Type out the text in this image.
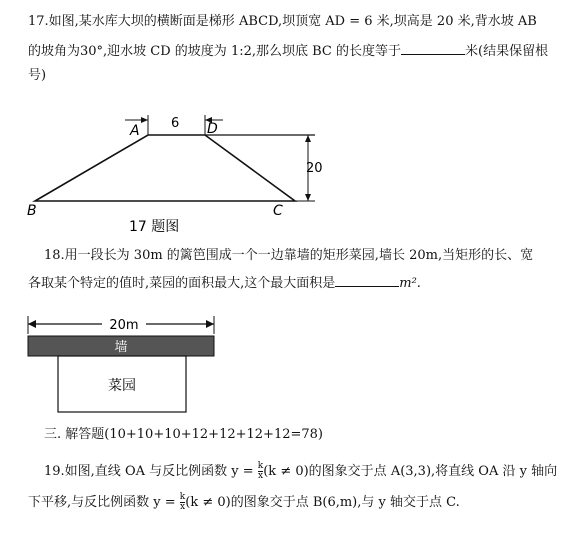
17.如图,某水库大坝的横断面是梯形 ABCD,坝顶宽 AD = 6 米,坝高是 20 米,背水坡 AB
的坡角为30°,迎水坡 CD 的坡度为 1:2,那么坝底 BC 的长度等于	米(结果保留根
号)
A	D
B	C
6
20
17 题图
18.用一段长为 30m 的篱笆围成一个一边靠墙的矩形菜园,墙长 20m,当矩形的长、宽
各取某个特定的值时,菜园的面积最大,这个最大面积是	m².
20m
墙
菜园
三. 解答题(10+10+10+12+12+12+12=78)
19.如图,直线 OA 与反比例函数 $y = \frac{k}{x} (k \ne 0)$的图象交于点 A(3,3),将直线 OA 沿 y 轴向
下平移,与反比例函数 $y = \frac{k}{x} (k \ne 0)$的图象交于点 B(6,m),与 y 轴交于点 C.
